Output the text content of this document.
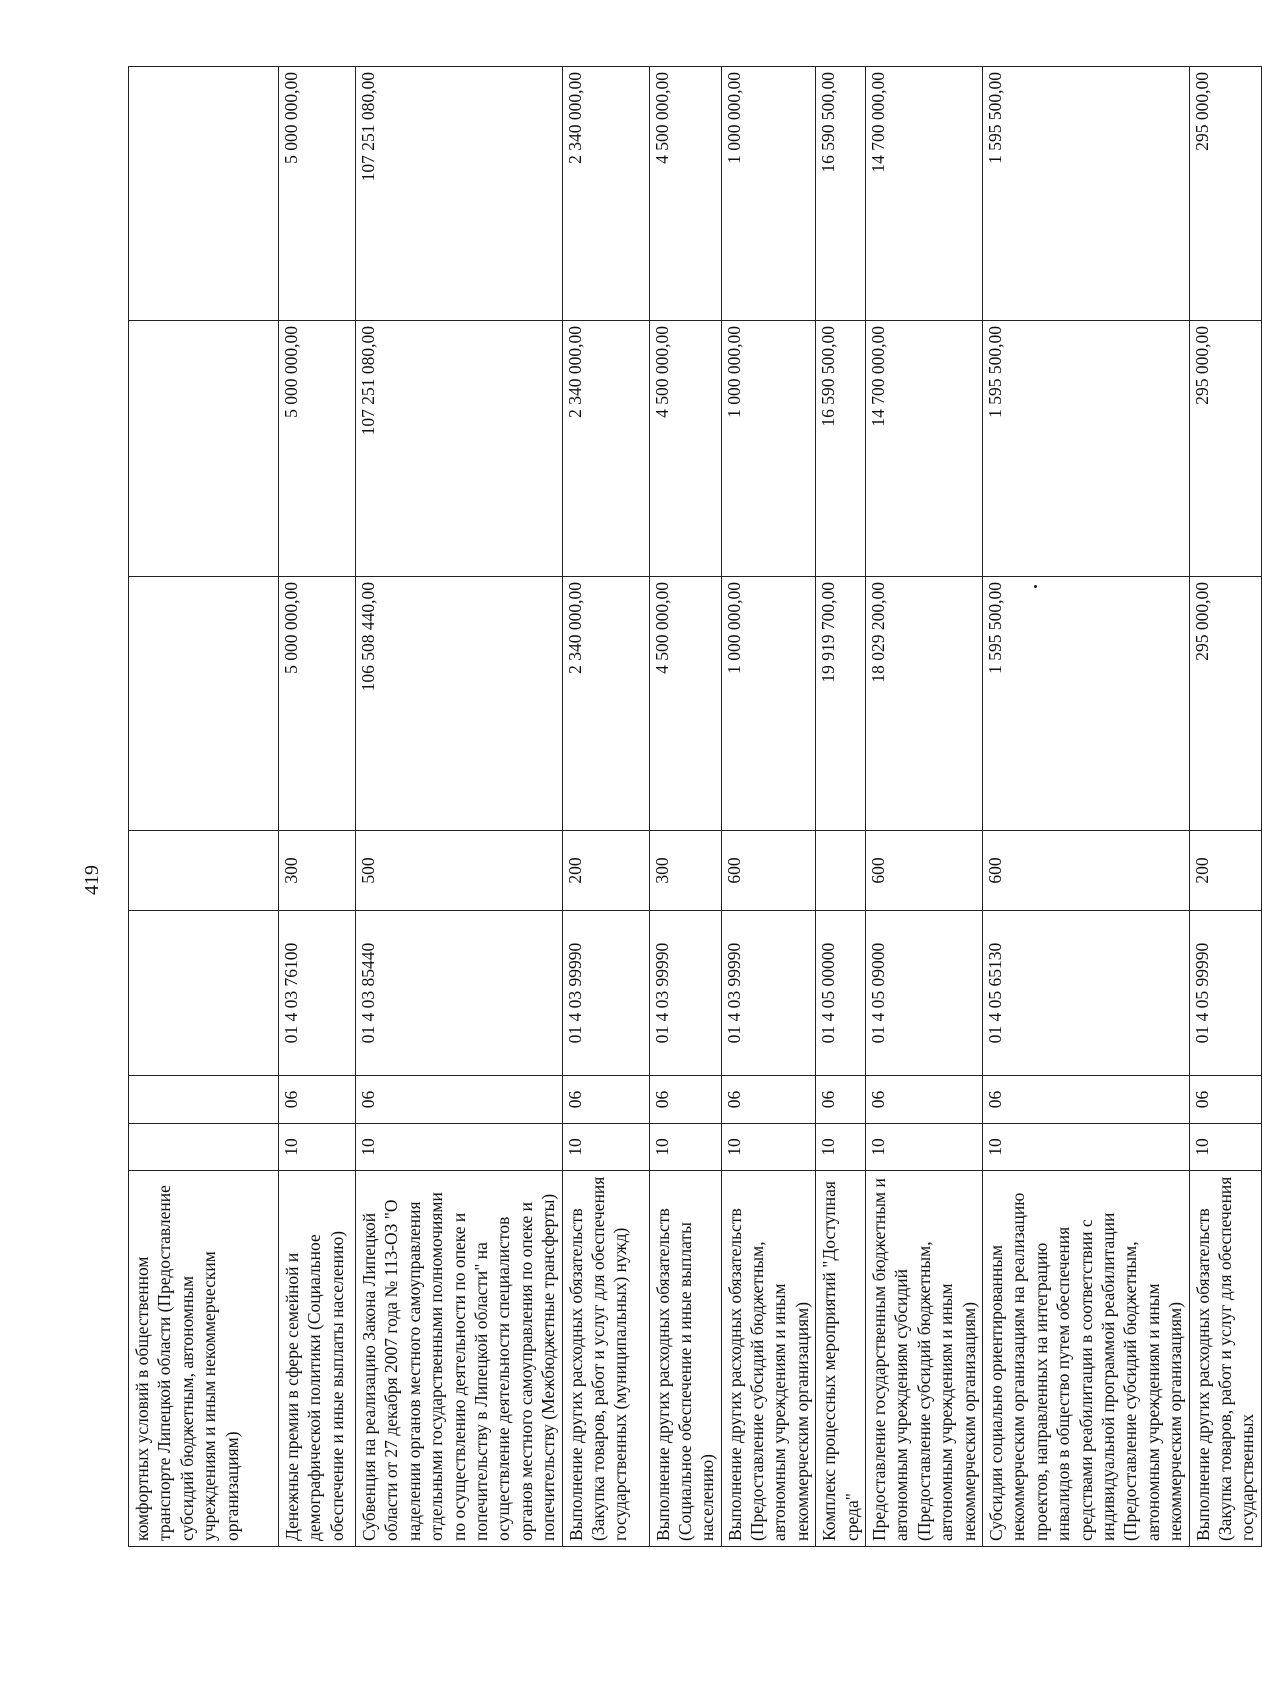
419
комфортных условий в общественном транспорте Липецкой области (Предоставление субсидий бюджетным, автономным учреждениям и иным некоммерческим организациям)							
Денежные премии в сфере семейной и демографической политики (Социальное обеспечение и иные выплаты населению)	10	06	01 4 03 76100	300	5 000 000,00	5 000 000,00	5 000 000,00
Субвенция на реализацию Закона Липецкой области от 27 декабря 2007 года № 113-ОЗ "О наделении органов местного самоуправления отдельными государственными полномочиями по осуществлению деятельности по опеке и попечительству в Липецкой области" на осуществление деятельности специалистов органов местного самоуправления по опеке и попечительству (Межбюджетные трансферты)	10	06	01 4 03 85440	500	106 508 440,00	107 251 080,00	107 251 080,00
Выполнение других расходных обязательств (Закупка товаров, работ и услуг для обеспечения государственных (муниципальных) нужд)	10	06	01 4 03 99990	200	2 340 000,00	2 340 000,00	2 340 000,00
Выполнение других расходных обязательств (Социальное обеспечение и иные выплаты населению)	10	06	01 4 03 99990	300	4 500 000,00	4 500 000,00	4 500 000,00
Выполнение других расходных обязательств (Предоставление субсидий бюджетным, автономным учреждениям и иным некоммерческим организациям)	10	06	01 4 03 99990	600	1 000 000,00	1 000 000,00	1 000 000,00
Комплекс процессных мероприятий "Доступная среда"	10	06	01 4 05 00000		19 919 700,00	16 590 500,00	16 590 500,00
Предоставление государственным бюджетным и автономным учреждениям субсидий (Предоставление субсидий бюджетным, автономным учреждениям и иным некоммерческим организациям)	10	06	01 4 05 09000	600	18 029 200,00	14 700 000,00	14 700 000,00
Субсидии социально ориентированным некоммерческим организациям на реализацию проектов, направленных на интеграцию инвалидов в общество путем обеспечения средствами реабилитации в соответствии с индивидуальной программой реабилитации (Предоставление субсидий бюджетным, автономным учреждениям и иным некоммерческим организациям)	10	06	01 4 05 65130	600	1 595 500,00	1 595 500,00	1 595 500,00
Выполнение других расходных обязательств (Закупка товаров, работ и услуг для обеспечения государственных	10	06	01 4 05 99990	200	295 000,00	295 000,00	295 000,00
